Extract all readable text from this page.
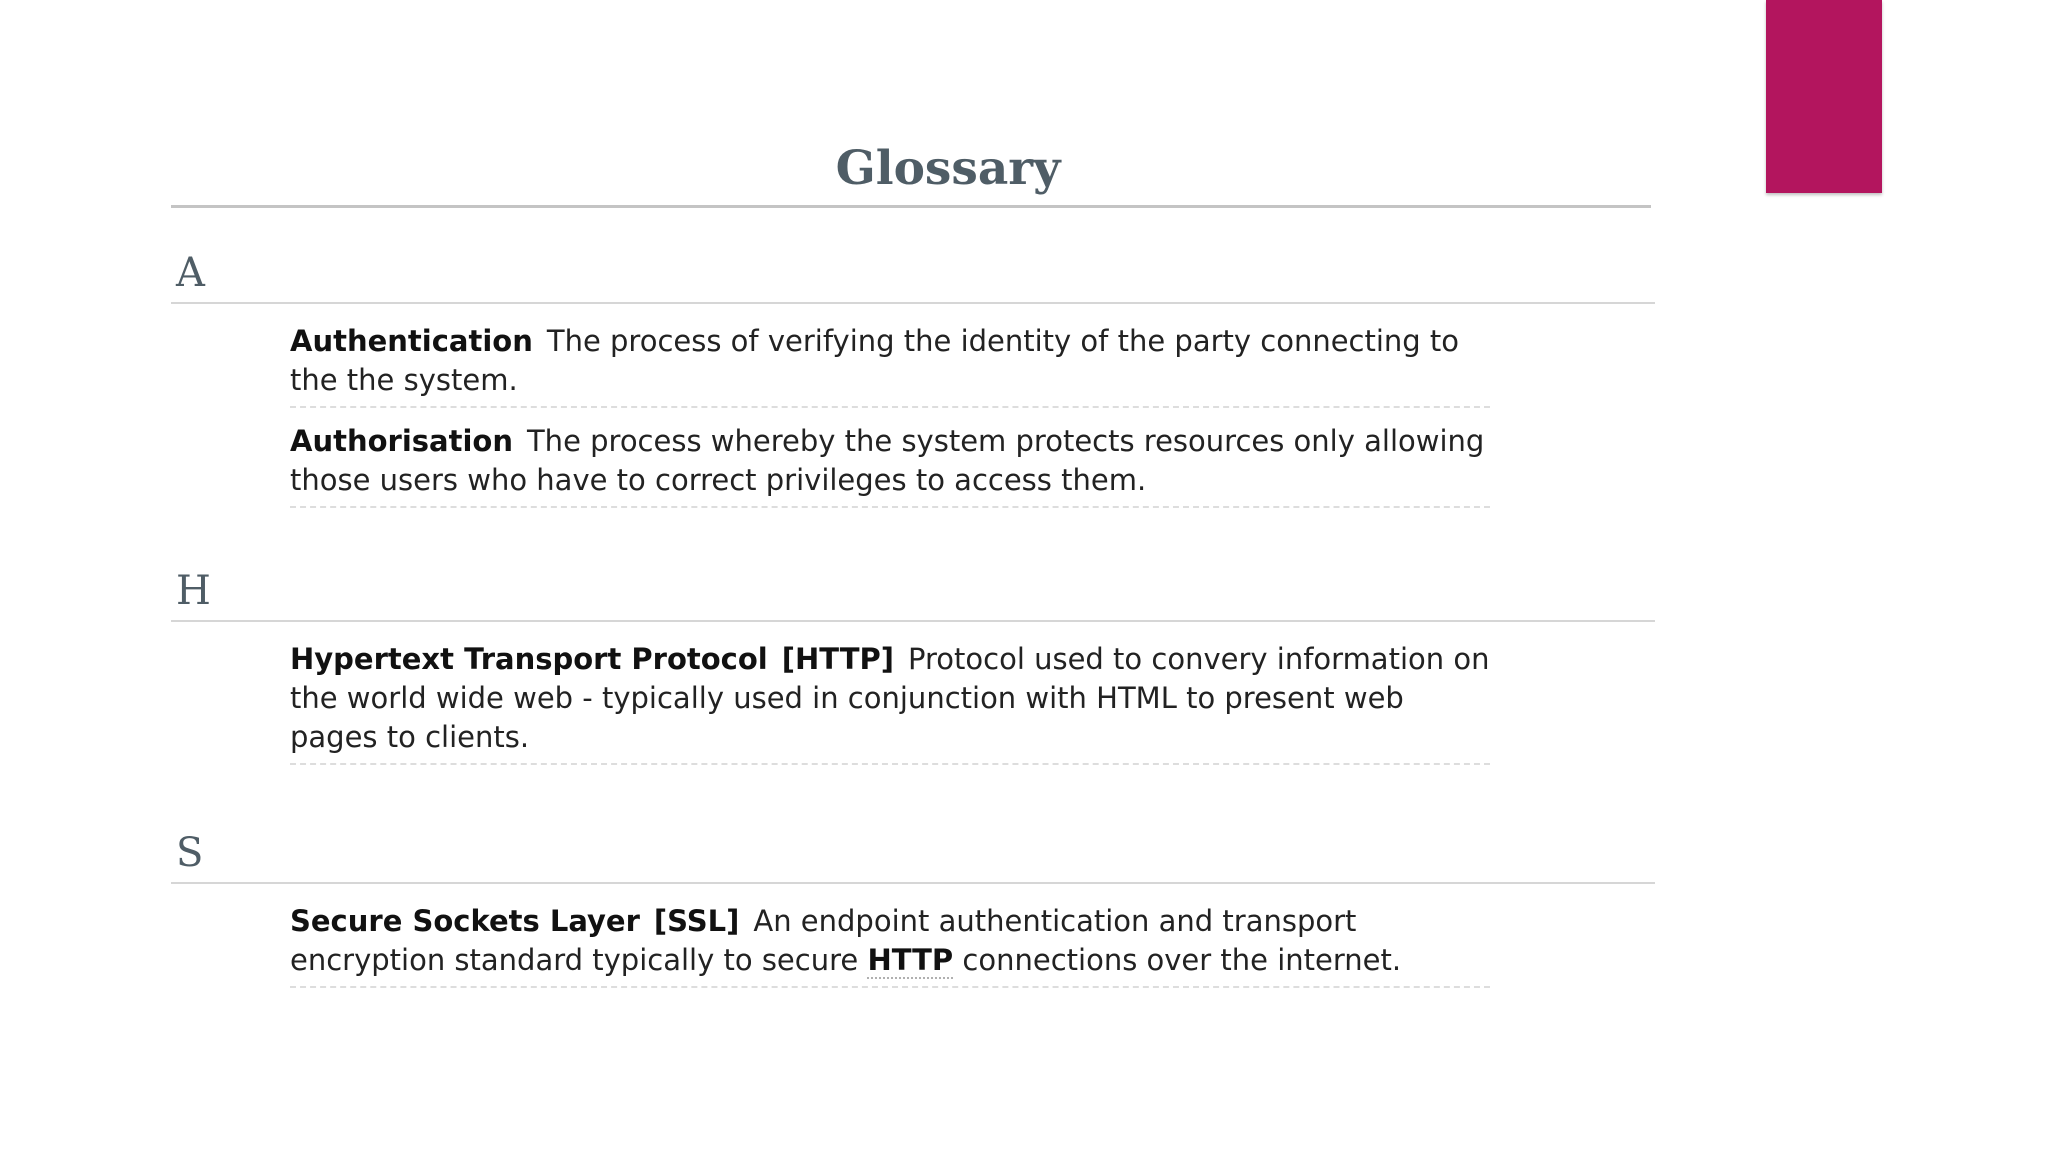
Glossary
A
Authentication The process of verifying the identity of the party connecting to the the system.
Authorisation The process whereby the system protects resources only allowing those users who have to correct privileges to access them.
H
Hypertext Transport Protocol [HTTP] Protocol used to convery information on the world wide web - typically used in conjunction with HTML to present web pages to clients.
S
Secure Sockets Layer [SSL] An endpoint authentication and transport encryption standard typically to secure HTTP connections over the internet.
